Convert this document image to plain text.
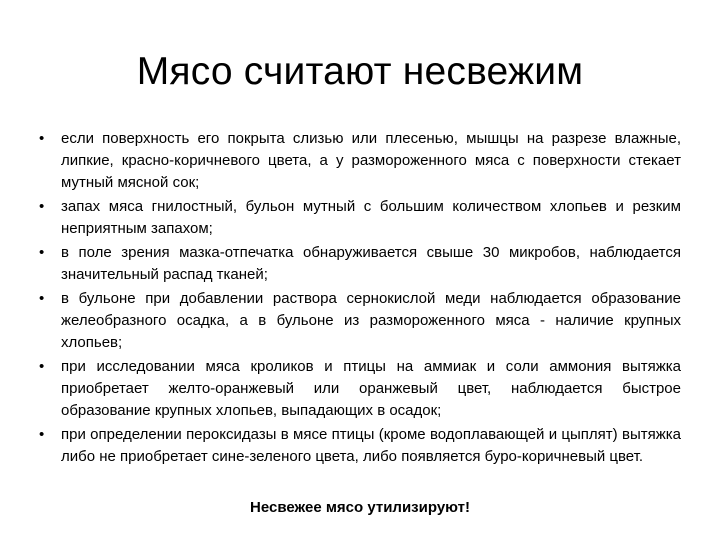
Мясо считают несвежим
• если поверхность его покрыта слизью или плесенью, мышцы на разрезе влажные, липкие, красно-коричневого цвета, а у размороженного мяса с поверхности стекает мутный мясной сок;
• запах мяса гнилостный, бульон мутный с большим количеством хлопьев и резким неприятным запахом;
• в поле зрения мазка-отпечатка обнаруживается свыше 30 микробов, наблюдается значительный распад тканей;
• в бульоне при добавлении раствора сернокислой меди наблюдается образование желеобразного осадка, а в бульоне из размороженного мяса - наличие крупных хлопьев;
• при исследовании мяса кроликов и птицы на аммиак и соли аммония вытяжка приобретает желто-оранжевый или оранжевый цвет, наблюдается быстрое образование крупных хлопьев, выпадающих в осадок;
• при определении пероксидазы в мясе птицы (кроме водоплавающей и цыплят) вытяжка либо не приобретает сине-зеленого цвета, либо появляется буро-коричневый цвет.

Несвежее мясо утилизируют!
